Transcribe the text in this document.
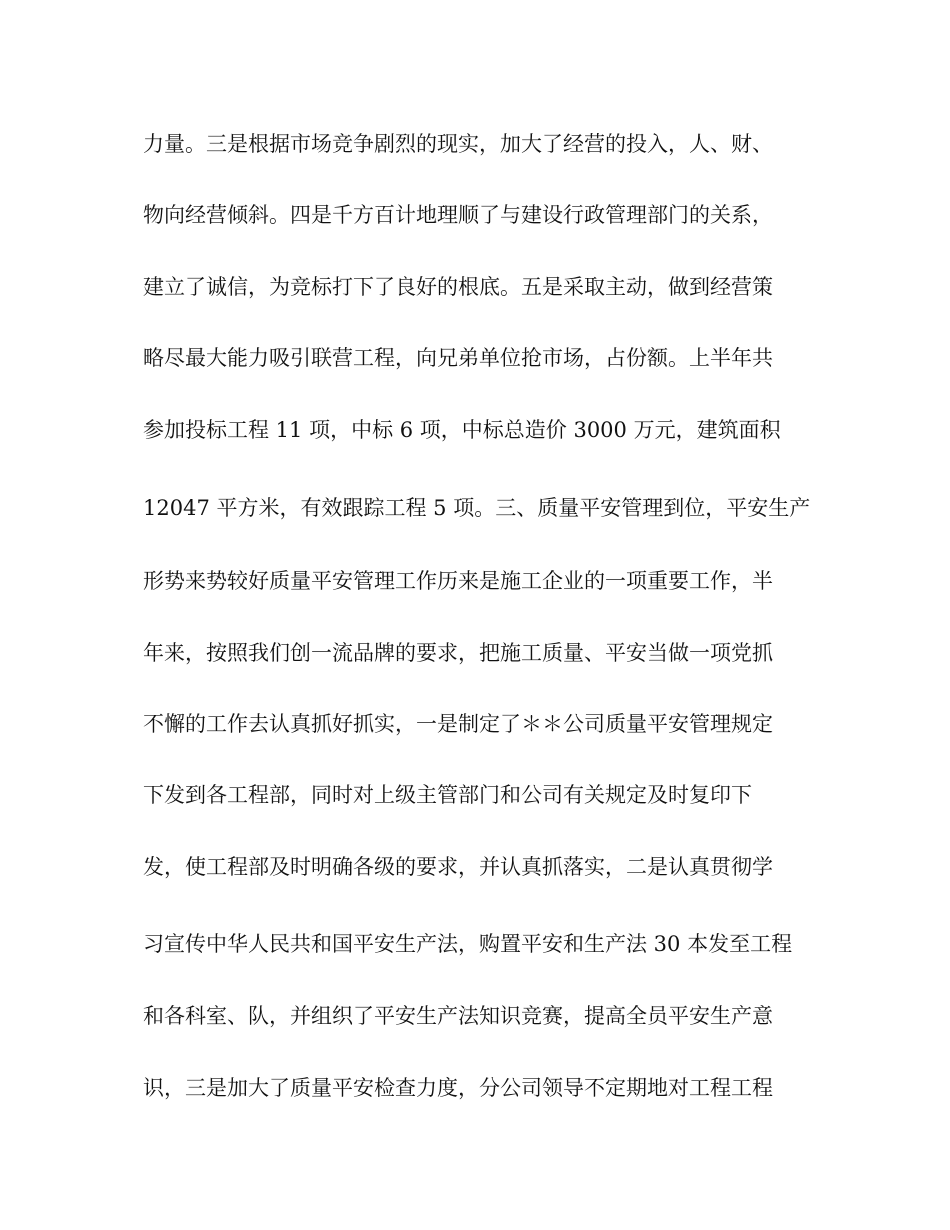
力量。三是根据市场竞争剧烈的现实，加大了经营的投入，人、财、
物向经营倾斜。四是千方百计地理顺了与建设行政管理部门的关系，
建立了诚信，为竞标打下了良好的根底。五是采取主动，做到经营策
略尽最大能力吸引联营工程，向兄弟单位抢市场，占份额。上半年共
参加投标工程 11 项，中标 6 项，中标总造价 3000 万元，建筑面积
12047 平方米，有效跟踪工程 5 项。三、质量平安管理到位，平安生产
形势来势较好质量平安管理工作历来是施工企业的一项重要工作，半
年来，按照我们创一流品牌的要求，把施工质量、平安当做一项党抓
不懈的工作去认真抓好抓实，一是制定了＊＊公司质量平安管理规定
下发到各工程部，同时对上级主管部门和公司有关规定及时复印下
发，使工程部及时明确各级的要求，并认真抓落实，二是认真贯彻学
习宣传中华人民共和国平安生产法，购置平安和生产法 30 本发至工程
和各科室、队，并组织了平安生产法知识竞赛，提高全员平安生产意
识，三是加大了质量平安检查力度，分公司领导不定期地对工程工程
